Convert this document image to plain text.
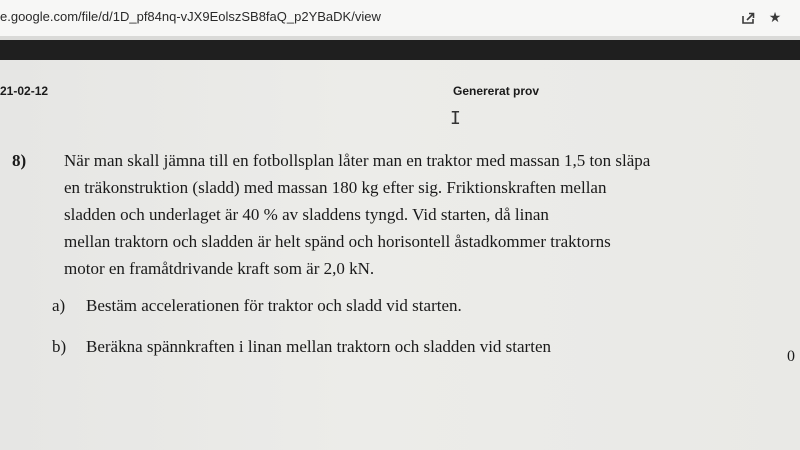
e.google.com/file/d/1D_pf84nq-vJX9EolszSB8faQ_p2YBaDK/view	★
21-02-12	Genererat prov
I
8) När man skall jämna till en fotbollsplan låter man en traktor med massan 1,5 ton släpa
en träkonstruktion (sladd) med massan 180 kg efter sig. Friktionskraften mellan
sladden och underlaget är 40 % av sladdens tyngd. Vid starten, då linan
mellan traktorn och sladden är helt spänd och horisontell åstadkommer traktorns
motor en framåtdrivande kraft som är 2,0 kN.
a) Bestäm accelerationen för traktor och sladd vid starten.
b) Beräkna spännkraften i linan mellan traktorn och sladden vid starten
0
